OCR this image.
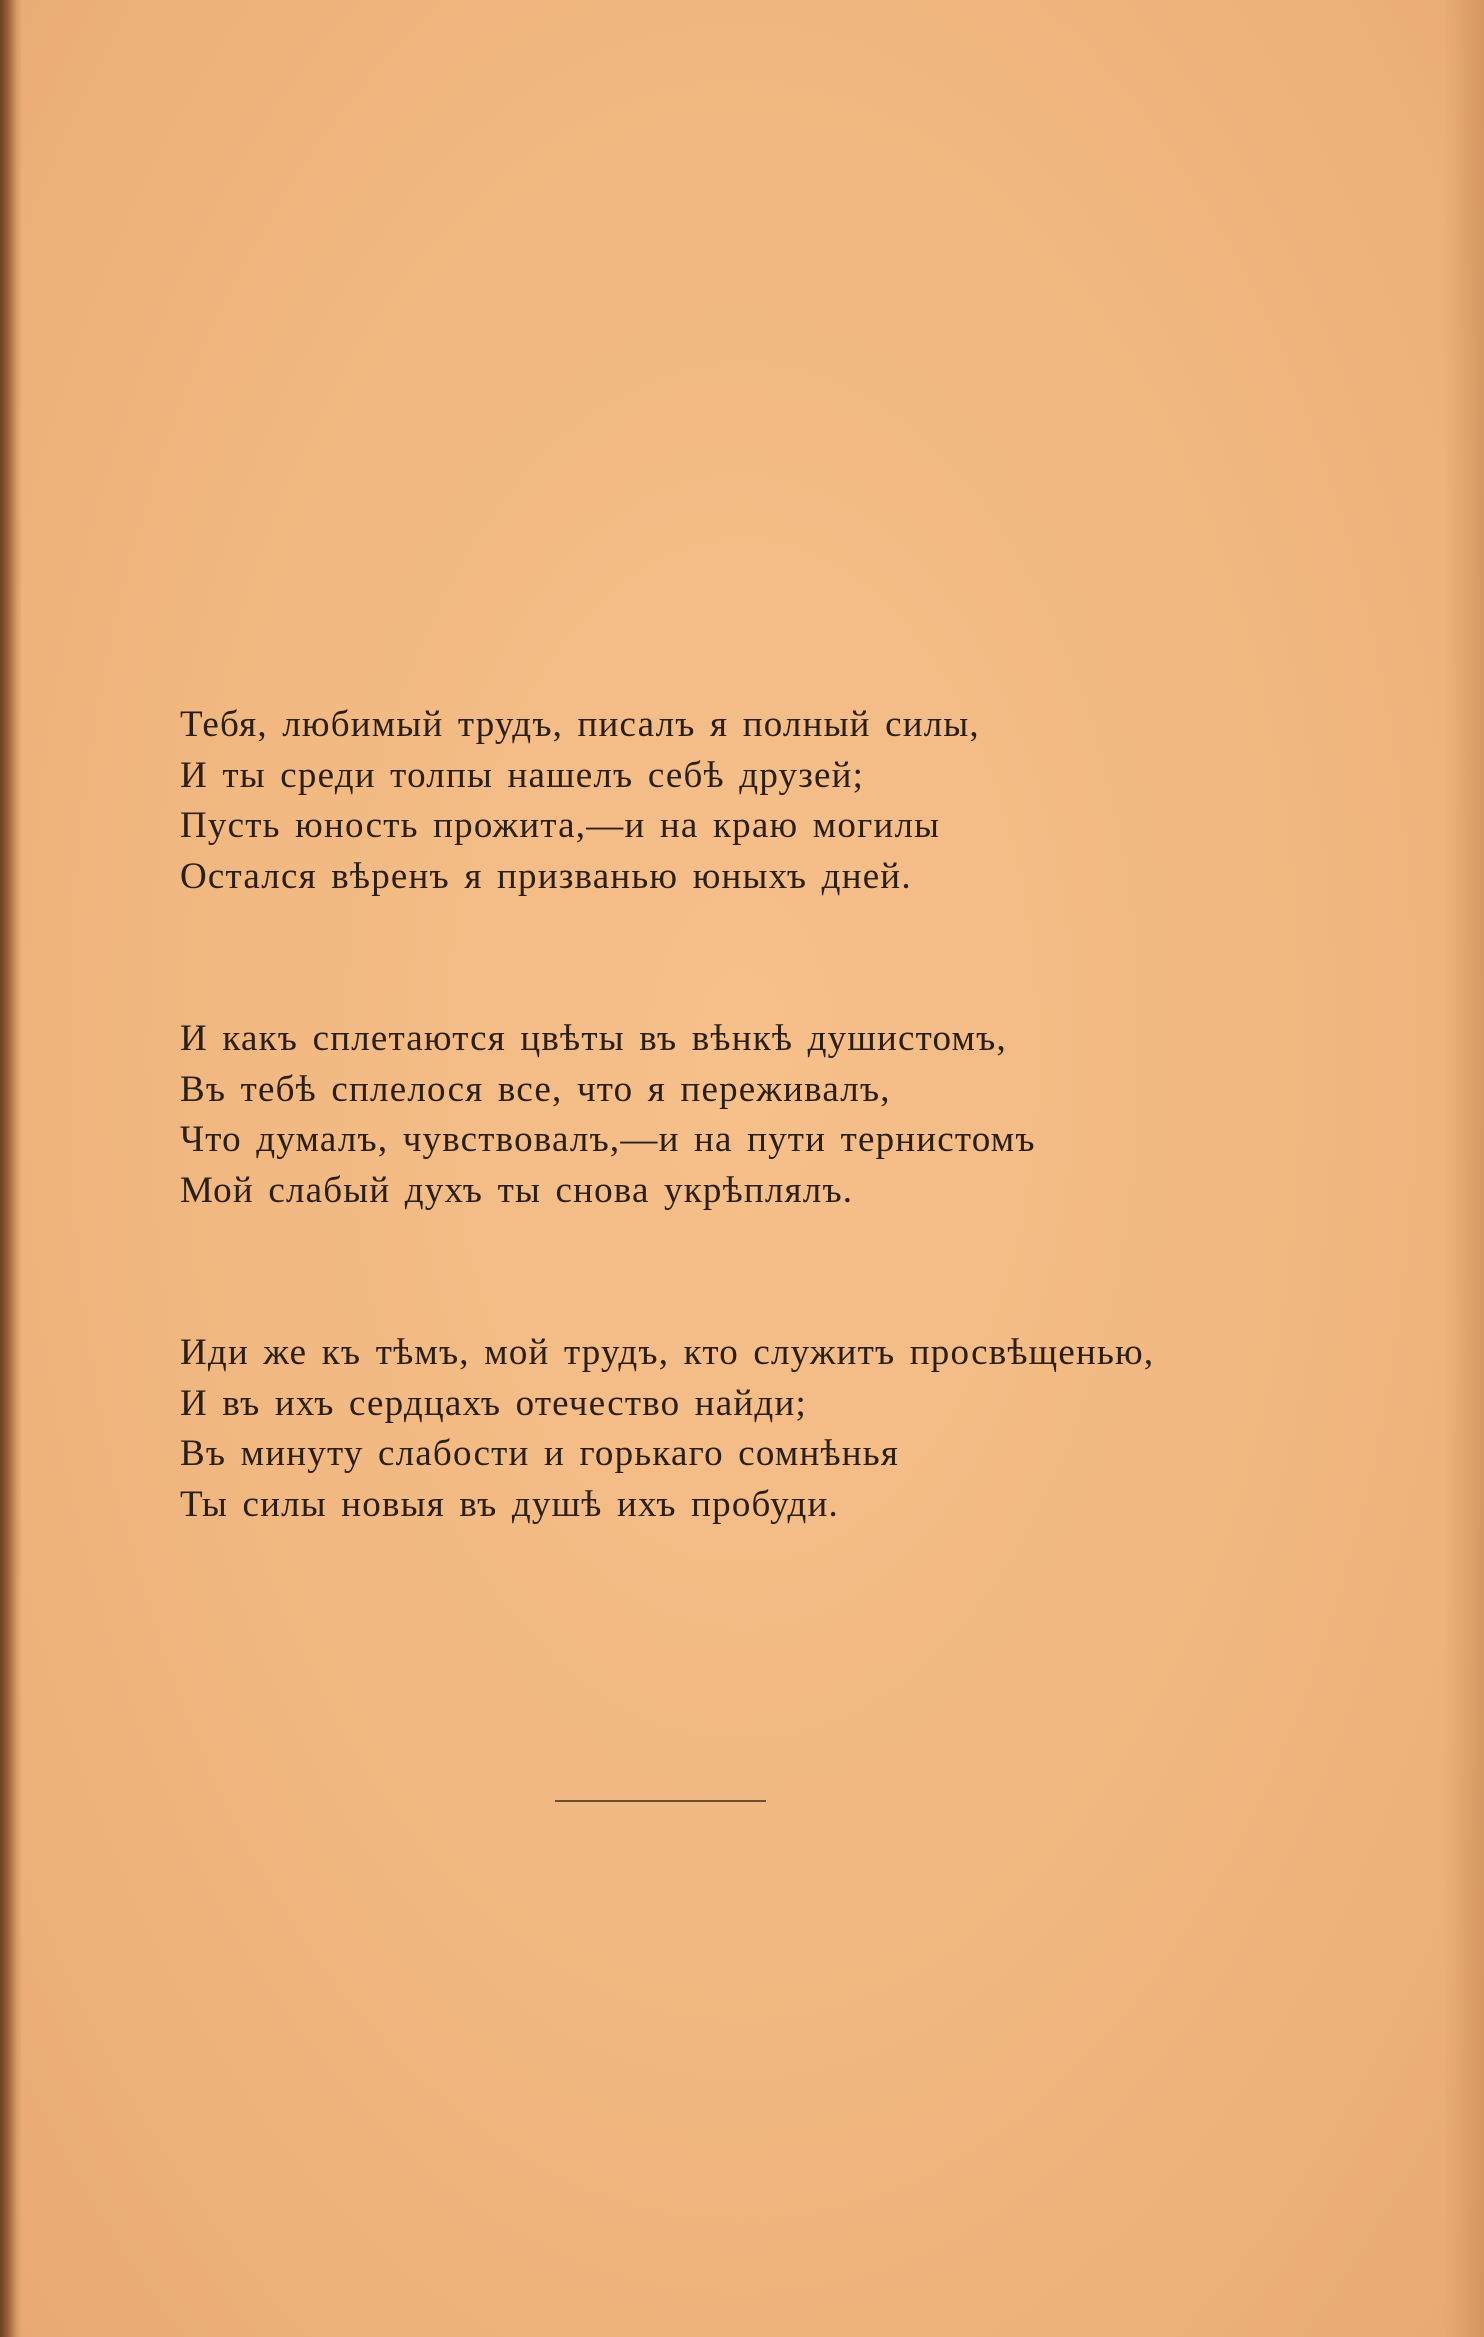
Тебя, любимый трудъ, писалъ я полный силы,
И ты среди толпы нашелъ себѣ друзей;
Пусть юность прожита,—и на краю могилы
Остался вѣренъ я призванью юныхъ дней.
И какъ сплетаются цвѣты въ вѣнкѣ душистомъ,
Въ тебѣ сплелося все, что я переживалъ,
Что думалъ, чувствовалъ,—и на пути тернистомъ
Мой слабый духъ ты снова укрѣплялъ.
Иди же къ тѣмъ, мой трудъ, кто служитъ просвѣщенью,
И въ ихъ сердцахъ отечество найди;
Въ минуту слабости и горькаго сомнѣнья
Ты силы новыя въ душѣ ихъ пробуди.
